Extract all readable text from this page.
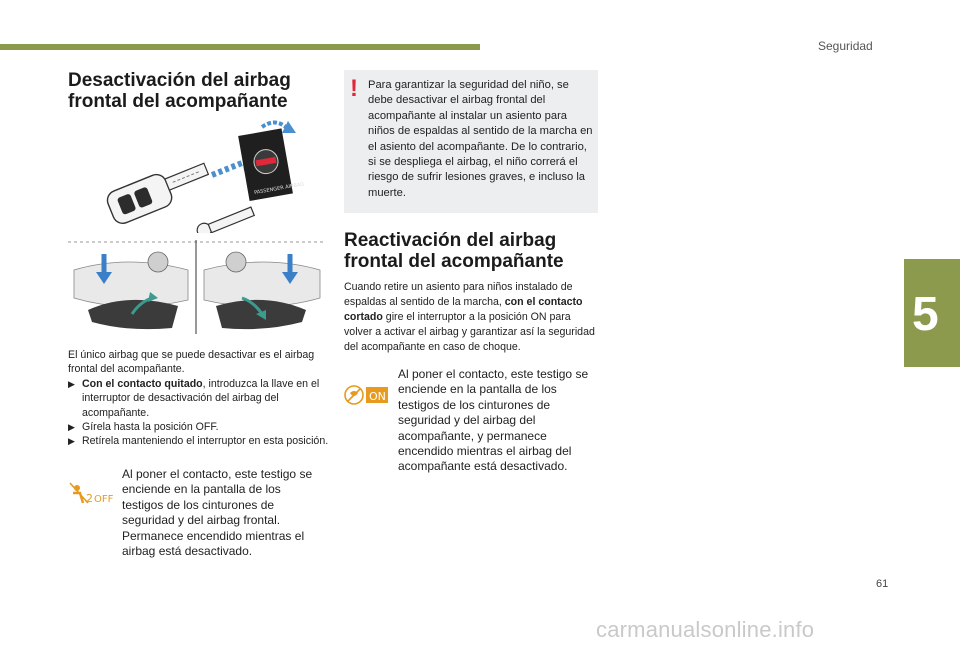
Seguridad
5
Desactivación del airbag
frontal del acompañante
PASSENGER AIRBAG

El único airbag que se puede desactivar es el airbag frontal del acompañante.

▶ Con el contacto quitado, introduzca la llave en el interruptor de desactivación del airbag del acompañante.
▶ Gírela hasta la posición OFF.
▶ Retírela manteniendo el interruptor en esta posición.
2 OFF
Al poner el contacto, este testigo se enciende en la pantalla de los testigos de los cinturones de seguridad y del airbag frontal. Permanece encendido mientras el airbag está desactivado.
! Para garantizar la seguridad del niño, se debe desactivar el airbag frontal del acompañante al instalar un asiento para niños de espaldas al sentido de la marcha en el asiento del acompañante. De lo contrario, si se despliega el airbag, el niño correrá el riesgo de sufrir lesiones graves, e incluso la muerte.
Reactivación del airbag
frontal del acompañante
Cuando retire un asiento para niños instalado de espaldas al sentido de la marcha, con el contacto cortado gire el interruptor a la posición ON para volver a activar el airbag y garantizar así la seguridad del acompañante en caso de choque.
ON
Al poner el contacto, este testigo se enciende en la pantalla de los testigos de los cinturones de seguridad y del airbag del acompañante, y permanece encendido mientras el airbag del acompañante está desactivado.
61
carmanualsonline.info
